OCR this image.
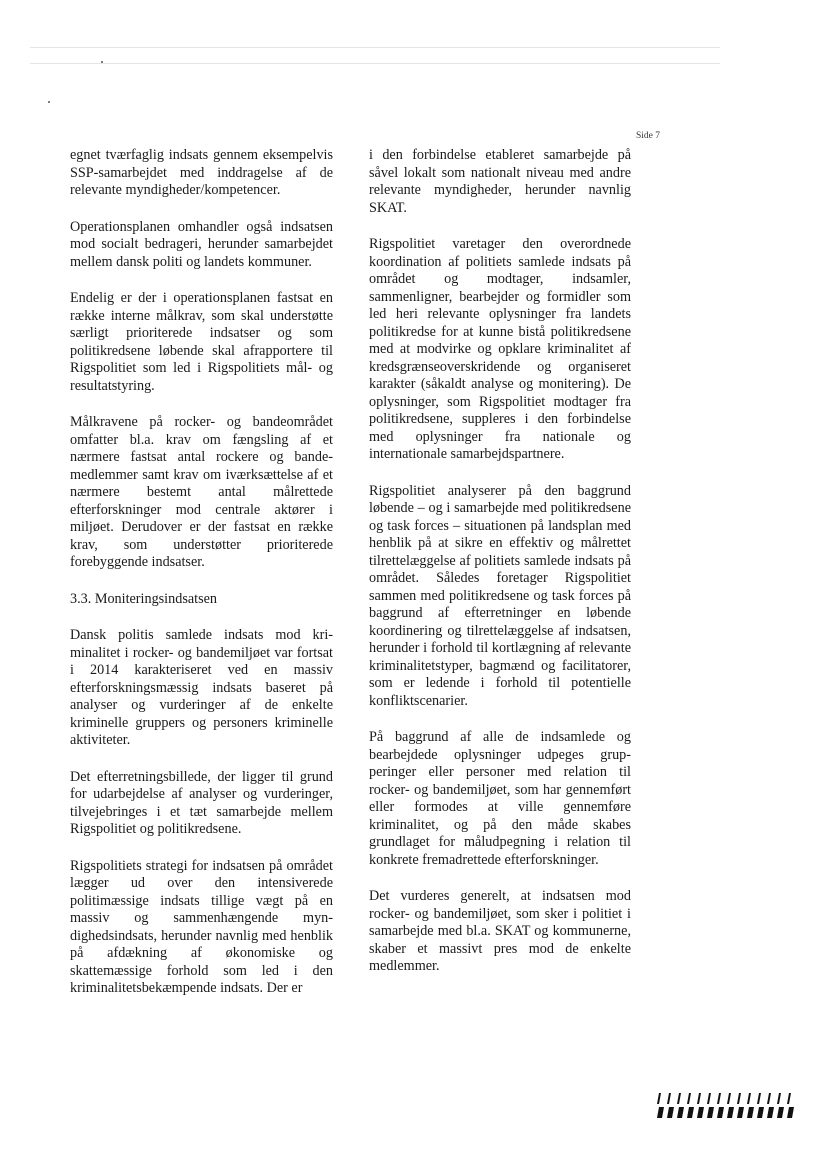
Side 7

egnet tværfaglig indsats gennem eksempelvis SSP-samarbejdet med inddragelse af de relevante myndigheder/kompetencer.

Operationsplanen omhandler også indsatsen mod socialt bedrageri, herunder samarbejdet mellem dansk politi og landets kommuner.

Endelig er der i operationsplanen fastsat en række interne målkrav, som skal understøtte særligt prioriterede indsatser og som politikredsene løbende skal afrapportere til Rigspolitiet som led i Rigspolitiets mål- og resultatstyring.

Målkravene på rocker- og bandeområdet omfatter bl.a. krav om fængsling af et nærmere fastsat antal rockere og bandemedlemmer samt krav om iværksættelse af et nærmere bestemt antal målrettede efterforskninger mod centrale aktører i miljøet. Derudover er der fastsat en række krav, som understøtter prioriterede forebyggende indsatser.

3.3. Moniteringsindsatsen

Dansk politis samlede indsats mod kriminalitet i rocker- og bandemiljøet var fortsat i 2014 karakteriseret ved en massiv efterforskningsmæssig indsats baseret på analyser og vurderinger af de enkelte kriminelle gruppers og personers kriminelle aktiviteter.

Det efterretningsbillede, der ligger til grund for udarbejdelse af analyser og vurderinger, tilvejebringes i et tæt samarbejde mellem Rigspolitiet og politikredsene.

Rigspolitiets strategi for indsatsen på området lægger ud over den intensiverede politimæssige indsats tillige vægt på en massiv og sammenhængende myndighedsindsats, herunder navnlig med henblik på afdækning af økonomiske og skattemæssige forhold som led i den kriminalitetsbekæmpende indsats. Der er

i den forbindelse etableret samarbejde på såvel lokalt som nationalt niveau med andre relevante myndigheder, herunder navnlig SKAT.

Rigspolitiet varetager den overordnede koordination af politiets samlede indsats på området og modtager, indsamler, sammenligner, bearbejder og formidler som led heri relevante oplysninger fra landets politikredse for at kunne bistå politikredsene med at modvirke og opklare kriminalitet af kredsgrænseoverskridende og organiseret karakter (såkaldt analyse og monitering). De oplysninger, som Rigspolitiet modtager fra politikredsene, suppleres i den forbindelse med oplysninger fra nationale og internationale samarbejdspartnere.

Rigspolitiet analyserer på den baggrund løbende – og i samarbejde med politikredsene og task forces – situationen på landsplan med henblik på at sikre en effektiv og målrettet tilrettelæggelse af politiets samlede indsats på området. Således foretager Rigspolitiet sammen med politikredsene og task forces på baggrund af efterretninger en løbende koordinering og tilrettelæggelse af indsatsen, herunder i forhold til kortlægning af relevante kriminalitetstyper, bagmænd og facilitatorer, som er ledende i forhold til potentielle konfliktscenarier.

På baggrund af alle de indsamlede og bearbejdede oplysninger udpeges grupperinger eller personer med relation til rocker- og bandemiljøet, som har gennemført eller formodes at ville gennemføre kriminalitet, og på den måde skabes grundlaget for måludpegning i relation til konkrete fremadrettede efterforskninger.

Det vurderes generelt, at indsatsen mod rocker- og bandemiljøet, som sker i politiet i samarbejde med bl.a. SKAT og kommunerne, skaber et massivt pres mod de enkelte medlemmer.
